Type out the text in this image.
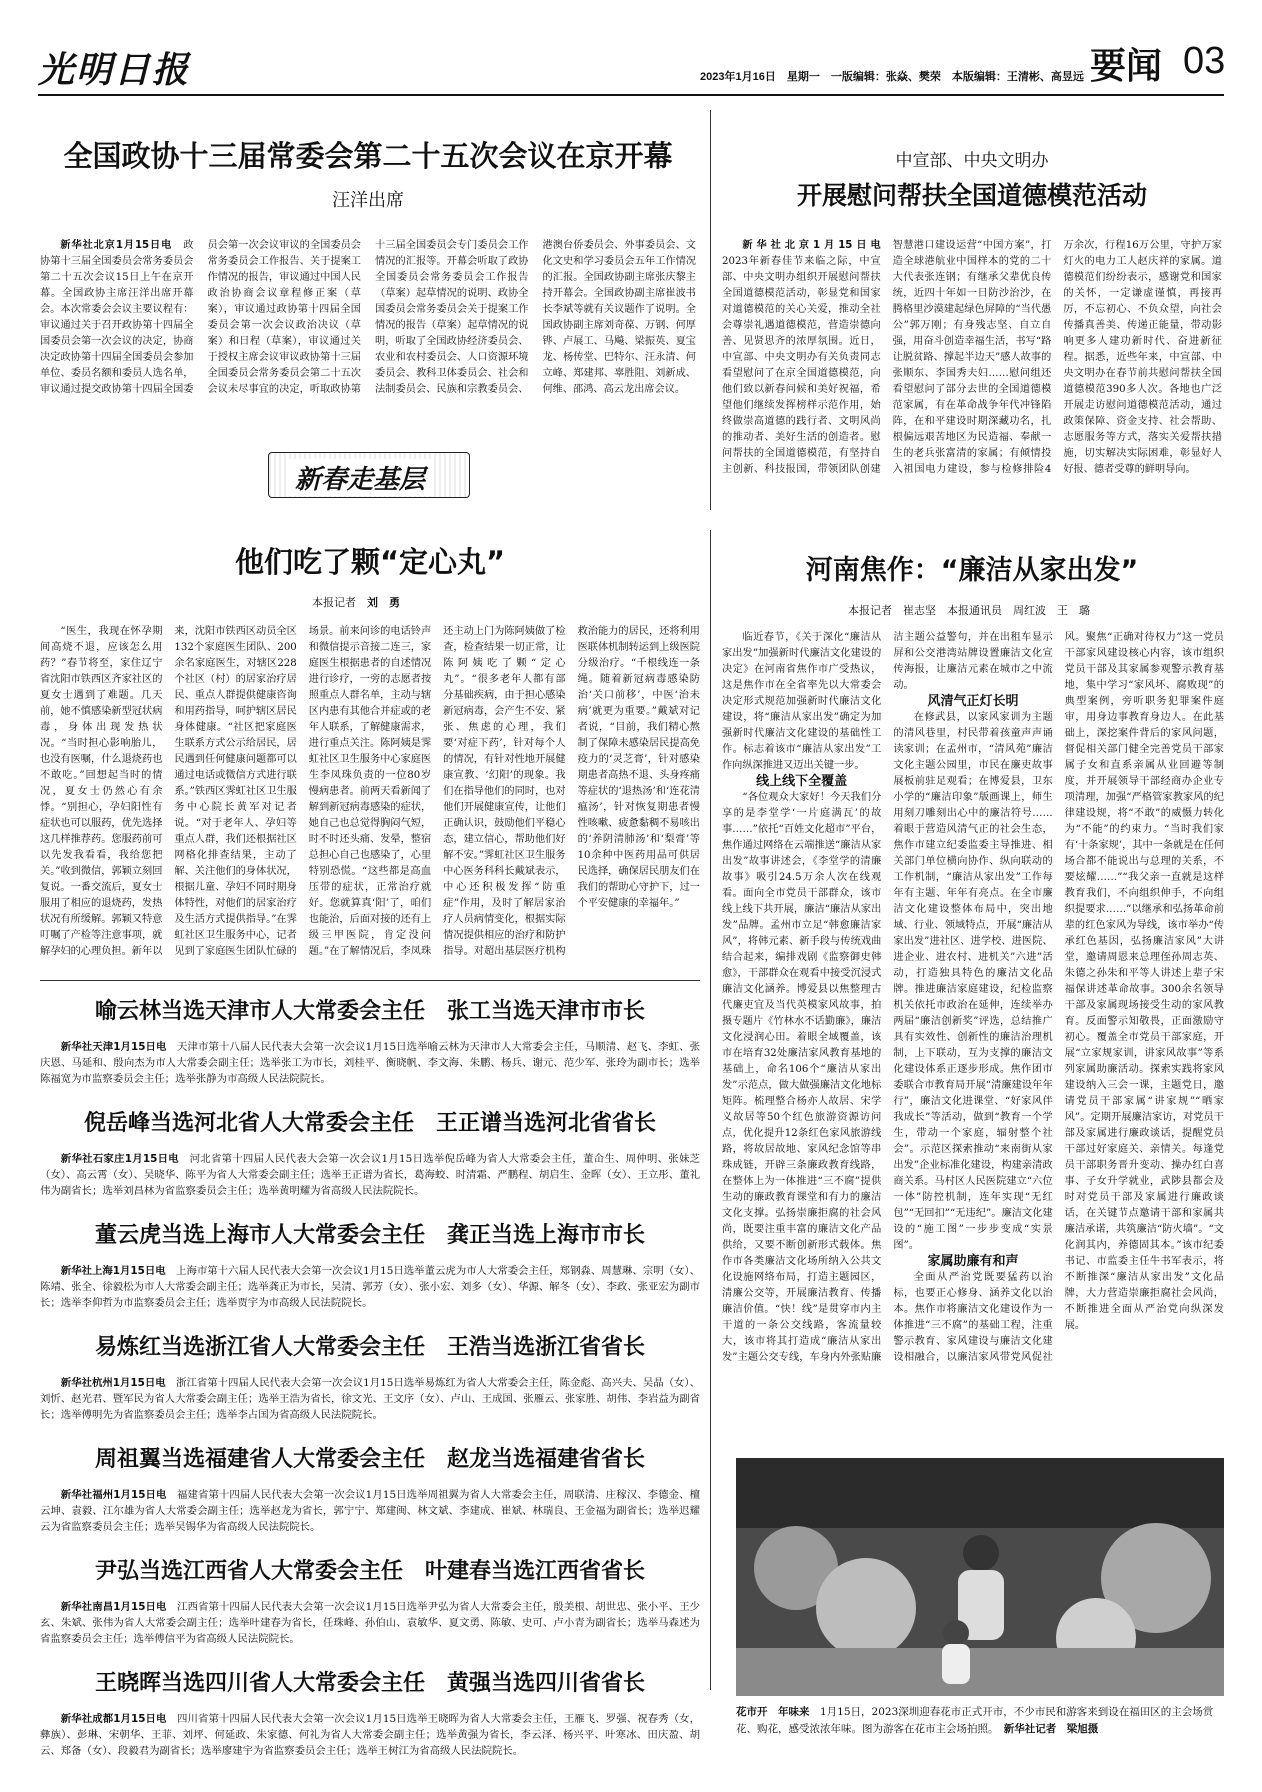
光明日报	2023年1月16日　星期一　一版编辑：张焱、樊荣　本版编辑：王清彬、高昱远 要闻 03
全国政协十三届常委会第二十五次会议在京开幕
汪洋出席

新华社北京1月15日电　 政协第十三届全国委员会常务委员会第二十五次会议15日上午在京开幕。全国政协主席汪洋出席开幕会。本次常委会会议主要议程有：审议通过关于召开政协第十四届全国委员会第一次会议的决定，协商决定政协第十四届全国委员会参加单位、委员名额和委员人选名单，审议通过提交政协第十四届全国委员会第一次会议审议的全国委员会常务委员会工作报告、关于提案工作情况的报告，审议通过中国人民政治协商会议章程修正案（草案），审议通过政协第十四届全国委员会第一次会议政治决议（草案）和日程（草案），审议通过关于授权主席会议审议政协第十三届全国委员会常务委员会第二十五次会议未尽事宜的决定，听取政协第十三届全国委员会专门委员会工作情况的汇报等。开幕会听取了政协全国委员会常务委员会工作报告（草案）起草情况的说明、政协全国委员会常务委员会关于提案工作情况的报告（草案）起草情况的说明，听取了全国政协经济委员会、农业和农村委员会、人口资源环境委员会、教科卫体委员会、社会和法制委员会、民族和宗教委员会、港澳台侨委员会、外事委员会、文化文史和学习委员会五年工作情况的汇报。全国政协副主席张庆黎主持开幕会。全国政协副主席崔波书长李斌等就有关议题作了说明。全国政协副主席刘奇葆、万钢、何厚铧、卢展工、马飚、梁振英、夏宝龙、杨传堂、巴特尔、汪永清、何立峰、郑建邦、辜胜阻、刘新成、何维、邵鸿、高云龙出席会议。

中宣部、中央文明办
开展慰问帮扶全国道德模范活动

新华社北京1月15日电　2023年新春佳节来临之际，中宣部、中央文明办组织开展慰问帮扶全国道德模范活动，彰显党和国家对道德模范的关心关爱，推动全社会尊崇礼遇道德模范，营造崇德向善、见贤思齐的浓厚氛围。近日，中宣部、中央文明办有关负责同志看望慰问了在京全国道德模范，向他们致以新春问候和美好祝福，希望他们继续发挥榜样示范作用，始终做崇高道德的践行者、文明风尚的推动者、美好生活的创造者。慰问帮扶的全国道德模范，有坚持自主创新、科技报国，带领团队创建智慧港口建设运营“中国方案”，打造全球港航业中国样本的党的二十大代表张连钢；有继承父辈优良传统，近四十年如一日防沙治沙，在腾格里沙漠建起绿色屏障的“当代愚公”郭万刚；有身残志坚、自立自强，用奋斗创造幸福生活，书写“路让脱贫路、撑起半边天”感人故事的张顺东、李国秀夫妇……慰问组还看望慰问了部分去世的全国道德模范家属，有在革命战争年代冲锋陷阵，在和平建设时期深藏功名，扎根偏远艰苦地区为民造福、奉献一生的老兵张富清的家属；有倾情投入祖国电力建设，参与检修排险4万余次，行程16万公里，守护万家灯火的电力工人赵庆祥的家属。道德模范们纷纷表示，感谢党和国家的关怀，一定谦虚谨慎，再接再厉，不忘初心、不负众望，向社会传播真善美、传递正能量，带动影响更多人建功新时代、奋进新征程。据悉，近些年来，中宣部、中央文明办在春节前共慰问帮扶全国道德模范390多人次。各地也广泛开展走访慰问道德模范活动，通过政策保障、资金支持、社会帮助、志愿服务等方式，落实关爱帮扶措施，切实解决实际困难，彰显好人好报、德者受尊的鲜明导向。

新春走基层
他们吃了颗“定心丸”
本报记者　 刘　勇

“医生，我现在怀孕期间高烧不退，应该怎么用药？”春节将至，家住辽宁省沈阳市铁西区齐家社区的夏女士遇到了难题。几天前，她不慎感染新型冠状病毒，身体出现发热状况。“当时担心影响胎儿，也没有医嘱，什么退烧药也不敢吃。”回想起当时的情况，夏女士仍然心有余悸。“别担心，孕妇阳性有症状也可以服药，优先选择这几样推荐药。您服药前可以先发我看看，我给您把关。”收到微信，郭颖立刻回复说。一番交流后，夏女士服用了相应的退烧药，发热状况有所缓解。郭颖又特意叮嘱了产检等注意事项，就解孕妇的心理负担。新年以来，沈阳市铁西区动员全区132个家庭医生团队、200余名家庭医生，对辖区228个社区（村）的居家治疗居民、重点人群提供健康咨询和用药指导，呵护辖区居民身体健康。“社区把家庭医生联系方式公示给居民，居民遇到任何健康问题都可以通过电话或微信方式进行联系。”铁西区霁虹社区卫生服务中心院长黄军对记者说。“对于老年人、孕妇等重点人群，我们还根据社区网格化排查结果，主动了解、关注他们的身体状况，根据儿童、孕妇不同时期身体特性，对他们的居家治疗及生活方式提供指导。”在霁虹社区卫生服务中心，记者见到了家庭医生团队忙碌的场景。前来问诊的电话铃声和微信提示音接二连三，家庭医生根据患者的自述情况进行诊疗，一旁的志愿者按照重点人群名单，主动与辖区内患有其他合并症或的老年人联系，了解健康需求，进行重点关注。陈阿姨是霁虹社区卫生服务中心家庭医生李凤珠负责的一位80岁慢病患者。前两天看新闻了解到新冠病毒感染的症状，她自己也总觉得胸闷气短，时不时还头痛、发晕，整宿总担心自己也感染了，心里特别恐慌。“这些都是高血压带的症状，正常治疗就好。您就算真‘阳’了，咱们也能治，后面对接的还有上级三甲医院，肯定没问题。”在了解情况后，李凤珠还主动上门为陈阿姨做了检查，检查结果一切正常，让陈阿姨吃了颗“定心丸”。“很多老年人都有部分基础疾病，由于担心感染新冠病毒，会产生不安、紧张、焦虑的心理，我们要‘对症下药’，针对每个人的情况，有针对性地开展健康宣教、‘幻阳’的现象。我们在指导他们的同时，也对他们开展健康宣传，让他们正确认识，鼓励他们平稳心态，建立信心，帮助他们好解不安。”霁虹社区卫生服务中心医务科科长戴斌表示，中心还积极发挥“防重症”作用，及时了解居家治疗人员病情变化，根据实际情况提供相应的治疗和防护指导。对超出基层医疗机构救治能力的居民，还将利用医联体机制转运到上级医院分级治疗。“千根线连一条绳。随着新冠病毒感染防治‘关口前移’，中医‘治未病’就更为重要。”戴斌对记者说，“目前，我们精心熬制了保障未感染居民提高免疫力的‘灵芝膏’，针对感染期患者高热不退、头身疼痛等症状的‘退热汤’和‘连花清瘟汤’，针对恢复期患者慢性咳嗽、疲惫黏稠不易咳出的‘养阴清肺汤’和‘梨膏’等10余种中医药用品可供居民选择，确保居民朋友们在我们的帮助心守护下，过一个平安健康的幸福年。”

河南焦作：“廉洁从家出发”
本报记者　崔志坚　本报通讯员　周红波　王　璐

临近春节，《关于深化“廉洁从家出发”加强新时代廉洁文化建设的决定》在河南省焦作市广受热议，这是焦作市在全省率先以大常委会决定形式规范加强新时代廉洁文化建设，将“廉洁从家出发”确定为加强新时代廉洁文化建设的基础性工作。标志着该市“廉洁从家出发”工作向纵深推进又迈出关键一步。

线上线下全覆盖

“各位观众大家好！今天我们分享的是李堂学‘一片庭满瓦’的故事……”依托“百姓文化超市”平台，焦作通过网络在云端推送“廉洁从家出发”故事讲述会，《李堂学的清廉故事》吸引24.5万余人次在线观看。面向全市党员干部群众，该市线上线下共开展，廉洁“廉洁从家出发”品牌。孟州市立足“韩愈廉洁家风”，将韩元素、新手段与传统戏曲结合起来，编排戏剧《监察御史韩愈》，干部群众在观看中接受沉浸式廉洁文化涵养。博爱县以焦整理古代廉吏宜及当代英模家风故事，拍摄专题片《竹林水不话勤廉》，廉洁文化浸润心田。着眼全域覆盖，该市在培育32处廉洁家风教育基地的基础上，命名106个“廉洁从家出发”示范点，做大做强廉洁文化地标矩阵。梳理整合杨亦人故居、宋学义故居等50个红色旅游资源访问点，优化提升12条红色家风旅游线路，将故居故地、家风纪念馆等串珠成链，开辟三条廉政教育线路，在整体上为一体推进“三不腐”提供生动的廉政教育课堂和有力的廉洁文化支撑。弘扬崇廉拒腐的社会风尚，既要注重丰富的廉洁文化产品供给，又要不断创新形式载体。焦作市各类廉洁文化场所纳入公共文化设施网络布局，打造主题园区，清廉公交等，开展廉洁教育、传播廉洁价值。“快！线”是贯穿市内主干道的一条公交线路，客流量较大，该市将其打造成“廉洁从家出发”主题公交专线，车身内外张贴廉洁主题公益警句，并在出租车显示屏和公交港湾站牌设置廉洁文化宣传海报，让廉洁元素在城市之中流动。

风清气正灯长明

在修武县，以家风家训为主题的清风巷里，村民带着孩童声声诵读家训；在孟州市，“清风苑”廉洁文化主题公园里，市民在廉吏故事展板前驻足观看；在博爱县，卫东小学的“廉洁印象”版画课上，师生用刻刀雕刻出心中的廉洁符号……着眼于营造风清气正的社会生态，焦作市建立纪委监委主导推进、相关部门单位横向协作、纵向联动的工作机制，“廉洁从家出发”工作每年有主题、年年有亮点。在全市廉洁文化建设整体布局中，突出地域、行业、领域特点，开展“廉洁从家出发”进社区、进学校、进医院、进企业、进农村、进机关”六进”活动，打造独具特色的廉洁文化品牌。推进廉洁家庭建设，纪检监察机关依托市政治在延伸，连续举办两届“廉洁创新奖”评选，总结推广具有实效性、创新性的廉洁治理机制，上下联动，互为支撑的廉洁文化建设体系正逐步形成。焦作团市委联合市教育局开展“清廉建设年年行”，廉洁文化进课堂、“好家风伴我成长”等活动，做到“教育一个学生，带动一个家庭，辐射整个社会”。示范区探索推动“来南街从家出发”企业标准化建设，构建亲清政商关系。马村区人民医院建立“六位一体”防控机制，连年实现“无红包”“无回扣”“无违纪”。廉洁文化建设的“施工图”一步步变成“实景图”。

家属助廉有和声

全面从严治党既要猛药以治标，也要正心修身、涵养文化以治本。焦作市将廉洁文化建设作为一体推进“三不腐”的基础工程，注重警示教育、家风建设与廉洁文化建设相融合，以廉洁家风带党风促社风。聚焦“正确对待权力”这一党员干部家风建设核心内容，该市组织党员干部及其家属参观警示教育基地，集中学习“家风坏、腐败现”的典型案例，旁听职务犯罪案件庭审，用身边事教育身边人。在此基础上，深挖案件背后的家风问题，督促相关部门健全完善党员干部家属子女和直系亲属从业回避等制度，并开展领导干部经商办企业专项清理，加强“严格管家教家风的纪律建设规，将“不敢”的威慑力转化为“不能”的约束力。“当时我们家有‘十条家规’，其中一条就是在任何场合都不能说出与总理的关系，不要炫耀……”“我父亲一直就是这样教育我们，不向组织伸手，不向组织提要求……”以继承和弘扬革命前辈的红色家风为导线，该市举办“传承红色基因，弘扬廉洁家风”大讲堂，邀请周恩来总理侄孙周志英、朱德之孙朱和平等人讲述上辈子宋福保讲述革命故事。300余名领导干部及家属现场接受生动的家风教育。反面警示知敬畏，正面激励守初心。覆盖全市党员干部家庭，开展“立家规家训，讲家风故事”等系列家属助廉活动。探索实践将家风建设纳入三会一课，主题党日，邀请党员干部家属“讲家规”“晒家风”。定期开展廉洁家访，对党员干部及家属进行廉政谈话，提醒党员干部过好家庭关、亲情关。每逢党员干部职务晋升变动、操办红白喜事、子女升学就业，武陟县都会及时对党员干部及家属进行廉政谈话，在关键节点邀请干部和家属共廉洁承诺，共筑廉洁“防火墙”。“文化润其内，养德固其本。”该市纪委书记、市监委主任牛书军表示，将不断推深“廉洁从家出发”文化品牌，大力营造崇廉拒腐社会风尚，不断推进全面从严治党向纵深发展。

喻云林当选天津市人大常委会主任　张工当选天津市市长
新华社天津1月15日电　 天津市第十八届人民代表大会第一次会议1月15日选举喻云林为天津市人大常委会主任，马顺清、赵飞、李虹、张庆恩、马延和、殷向杰为市人大常委会副主任；选举张工为市长，刘桂平、衡晓帆、李文海、朱鹏、杨兵、谢元、范少军、张玲为副市长；选举陈福宽为市监察委员会主任；选举张静为市高级人民法院院长。
倪岳峰当选河北省人大常委会主任　王正谱当选河北省省长
新华社石家庄1月15日电　 河北省第十四届人民代表大会第一次会议1月15日选举倪岳峰为省人大常委会主任，董仚生、周仲明、张妹芝（女）、高云霄（女）、吴晓华、陈平为省人大常委会副主任；选举王正谱为省长，葛海蛟、时清霜、严鹏程、胡启生、金晖（女）、王立彤、董礼伟为副省长；选举刘昌林为省监察委员会主任；选举黄明耀为省高级人民法院院长。
董云虎当选上海市人大常委会主任　龚正当选上海市市长
新华社上海1月15日电　 上海市第十六届人民代表大会第一次会议1月15日选举董云虎为市人大常委会主任，郑钢淼、周慧琳、宗明（女）、陈靖、张全、徐毅松为市人大常委会副主任；选举龚正为市长，吴清、郭芳（女）、张小宏、刘多（女）、华源、解冬（女）、李政、张亚宏为副市长；选举李仰哲为市监察委员会主任；选举贾宇为市高级人民法院院长。
易炼红当选浙江省人大常委会主任　王浩当选浙江省省长
新华社杭州1月15日电　 浙江省第十四届人民代表大会第一次会议1月15日选举易炼红为省人大常委会主任，陈金彪、高兴夫、吴晶（女）、刘忻、赵光君、暨军民为省人大常委会副主任；选举王浩为省长，徐文光、王文序（女）、卢山、王成国、张雁云、张家胜、胡伟、李岩益为副省长；选举傅明先为省监察委员会主任；选举李占国为省高级人民法院院长。
周祖翼当选福建省人大常委会主任　赵龙当选福建省省长
新华社福州1月15日电　 福建省第十四届人民代表大会第一次会议1月15日选举周祖翼为省人大常委会主任，周联清、庄稼汉、李德金、檀云坤、袁毅、江尔雄为省人大常委会副主任；选举赵龙为省长，郭宁宁、郑建闽、林文斌、李建成、崔斌、林瑞良、王金福为副省长；选举迟耀云为省监察委员会主任；选举吴锡华为省高级人民法院院长。
尹弘当选江西省人大常委会主任　叶建春当选江西省省长
新华社南昌1月15日电　 江西省第十四届人民代表大会第一次会议1月15日选举尹弘为省人大常委会主任，殷美根、胡世忠、张小平、王少玄、朱斌、张伟为省人大常委会副主任；选举叶建春为省长，任珠峰、孙伯山、袁敏华、夏文勇、陈敏、史可、卢小青为副省长；选举马森述为省监察委员会主任；选举傅信平为省高级人民法院院长。
王晓晖当选四川省人大常委会主任　黄强当选四川省省长
新华社成都1月15日电　 四川省第十四届人民代表大会第一次会议1月15日选举王晓晖为省人大常委会主任，王雁飞、罗强、祝春秀（女，彝族）、彭琳、宋朝华、王菲、刘坪、何延政、朱家德、何礼为省人大常委会副主任；选举黄强为省长，李云泽、杨兴平、叶寒冰、田庆盈、胡云、郑备（女）、段毅君为副省长；选举廖建宇为省监察委员会主任；选举王树江为省高级人民法院院长。
花市开　年味来　 1月15日，2023深圳迎春花市正式开市，不少市民和游客来到设在福田区的主会场赏花、购花，感受浓浓年味。图为游客在花市主会场拍照。　 新华社记者　梁旭摄
